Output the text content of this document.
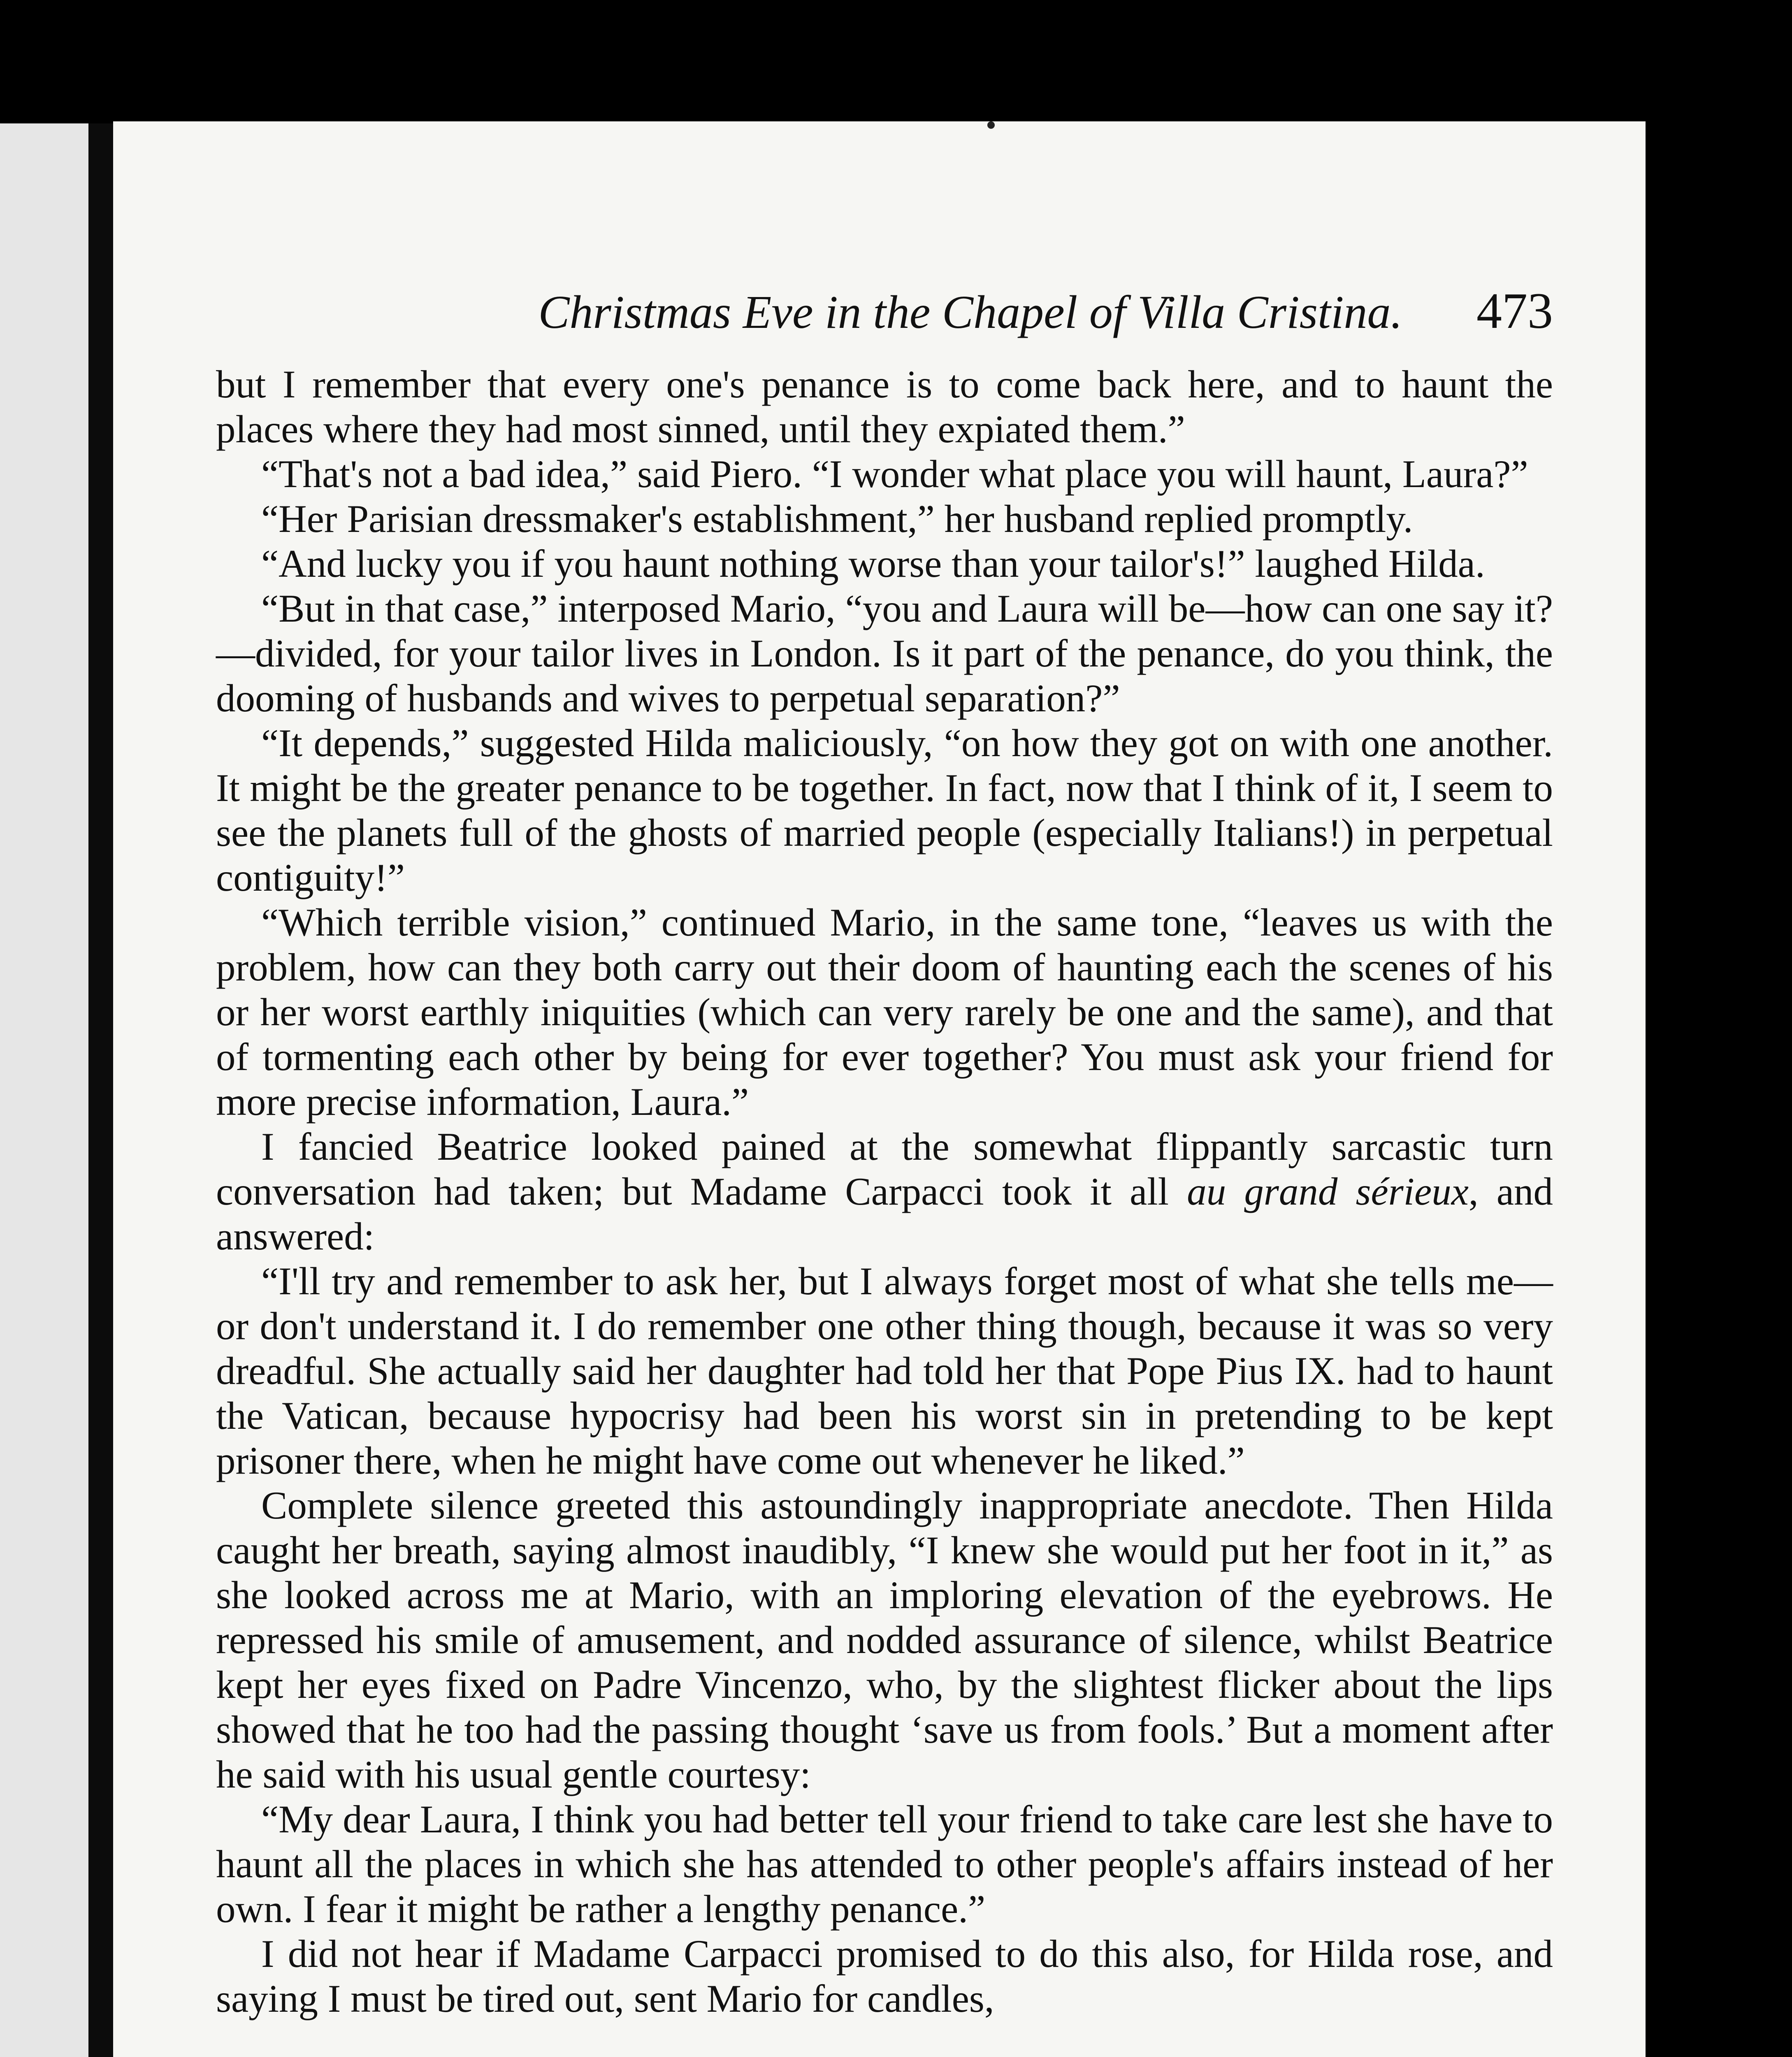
Christmas Eve in the Chapel of Villa Cristina. 473

but I remember that every one's penance is to come back here, and to haunt the places where they had most sinned, until they expiated them.”

“That's not a bad idea,” said Piero. “I wonder what place you will haunt, Laura?”

“Her Parisian dressmaker's establishment,” her husband replied promptly.

“And lucky you if you haunt nothing worse than your tailor's!” laughed Hilda.

“But in that case,” interposed Mario, “you and Laura will be—how can one say it?—divided, for your tailor lives in London. Is it part of the penance, do you think, the dooming of husbands and wives to perpetual separation?”

“It depends,” suggested Hilda maliciously, “on how they got on with one another. It might be the greater penance to be together. In fact, now that I think of it, I seem to see the planets full of the ghosts of married people (especially Italians!) in perpetual contiguity!”

“Which terrible vision,” continued Mario, in the same tone, “leaves us with the problem, how can they both carry out their doom of haunting each the scenes of his or her worst earthly iniquities (which can very rarely be one and the same), and that of tormenting each other by being for ever together? You must ask your friend for more precise information, Laura.”

I fancied Beatrice looked pained at the somewhat flippantly sarcastic turn conversation had taken; but Madame Carpacci took it all au grand sérieux, and answered:

“I'll try and remember to ask her, but I always forget most of what she tells me—or don't understand it. I do remember one other thing though, because it was so very dreadful. She actually said her daughter had told her that Pope Pius IX. had to haunt the Vatican, because hypocrisy had been his worst sin in pretending to be kept prisoner there, when he might have come out whenever he liked.”

Complete silence greeted this astoundingly inappropriate anecdote. Then Hilda caught her breath, saying almost inaudibly, “I knew she would put her foot in it,” as she looked across me at Mario, with an imploring elevation of the eyebrows. He repressed his smile of amusement, and nodded assurance of silence, whilst Beatrice kept her eyes fixed on Padre Vincenzo, who, by the slightest flicker about the lips showed that he too had the passing thought ‘save us from fools.’ But a moment after he said with his usual gentle courtesy:

“My dear Laura, I think you had better tell your friend to take care lest she have to haunt all the places in which she has attended to other people's affairs instead of her own. I fear it might be rather a lengthy penance.”

I did not hear if Madame Carpacci promised to do this also, for Hilda rose, and saying I must be tired out, sent Mario for candles,
